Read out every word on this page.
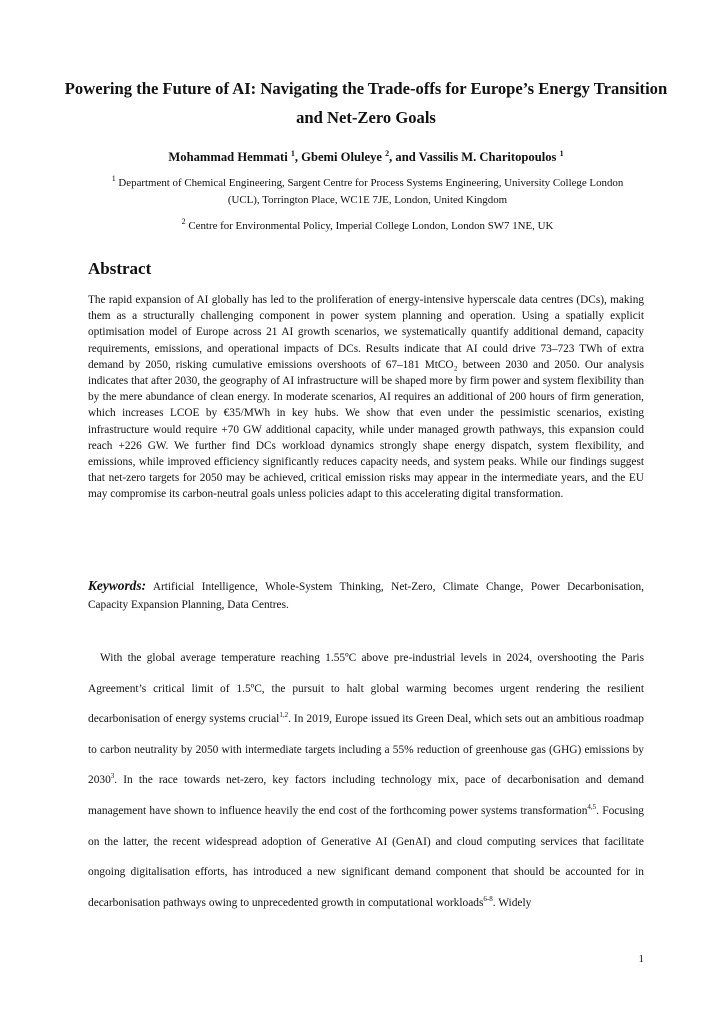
Powering the Future of AI: Navigating the Trade-offs for Europe’s Energy Transition and Net-Zero Goals
Mohammad Hemmati $^1$, Gbemi Oluleye $^2$, and Vassilis M. Charitopoulos $^1$
$^1$ Department of Chemical Engineering, Sargent Centre for Process Systems Engineering, University College London (UCL), Torrington Place, WC1E 7JE, London, United Kingdom
$^2$ Centre for Environmental Policy, Imperial College London, London SW7 1NE, UK
Abstract
The rapid expansion of AI globally has led to the proliferation of energy-intensive hyperscale data centres (DCs), making them as a structurally challenging component in power system planning and operation. Using a spatially explicit optimisation model of Europe across 21 AI growth scenarios, we systematically quantify additional demand, capacity requirements, emissions, and operational impacts of DCs. Results indicate that AI could drive 73–723 TWh of extra demand by 2050, risking cumulative emissions overshoots of 67–181 MtCO₂ between 2030 and 2050. Our analysis indicates that after 2030, the geography of AI infrastructure will be shaped more by firm power and system flexibility than by the mere abundance of clean energy. In moderate scenarios, AI requires an additional of 200 hours of firm generation, which increases LCOE by €35/MWh in key hubs. We show that even under the pessimistic scenarios, existing infrastructure would require +70 GW additional capacity, while under managed growth pathways, this expansion could reach +226 GW. We further find DCs workload dynamics strongly shape energy dispatch, system flexibility, and emissions, while improved efficiency significantly reduces capacity needs, and system peaks. While our findings suggest that net-zero targets for 2050 may be achieved, critical emission risks may appear in the intermediate years, and the EU may compromise its carbon-neutral goals unless policies adapt to this accelerating digital transformation.
Keywords: Artificial Intelligence, Whole-System Thinking, Net-Zero, Climate Change, Power Decarbonisation, Capacity Expansion Planning, Data Centres.
With the global average temperature reaching 1.55ºC above pre-industrial levels in 2024, overshooting the Paris Agreement’s critical limit of 1.5ºC, the pursuit to halt global warming becomes urgent rendering the resilient decarbonisation of energy systems crucial$^{1,2}$. In 2019, Europe issued its Green Deal, which sets out an ambitious roadmap to carbon neutrality by 2050 with intermediate targets including a 55% reduction of greenhouse gas (GHG) emissions by 2030$^3$. In the race towards net-zero, key factors including technology mix, pace of decarbonisation and demand management have shown to influence heavily the end cost of the forthcoming power systems transformation$^{4,5}$. Focusing on the latter, the recent widespread adoption of Generative AI (GenAI) and cloud computing services that facilitate ongoing digitalisation efforts, has introduced a new significant demand component that should be accounted for in decarbonisation pathways owing to unprecedented growth in computational workloads$^{6-8}$. Widely
1
